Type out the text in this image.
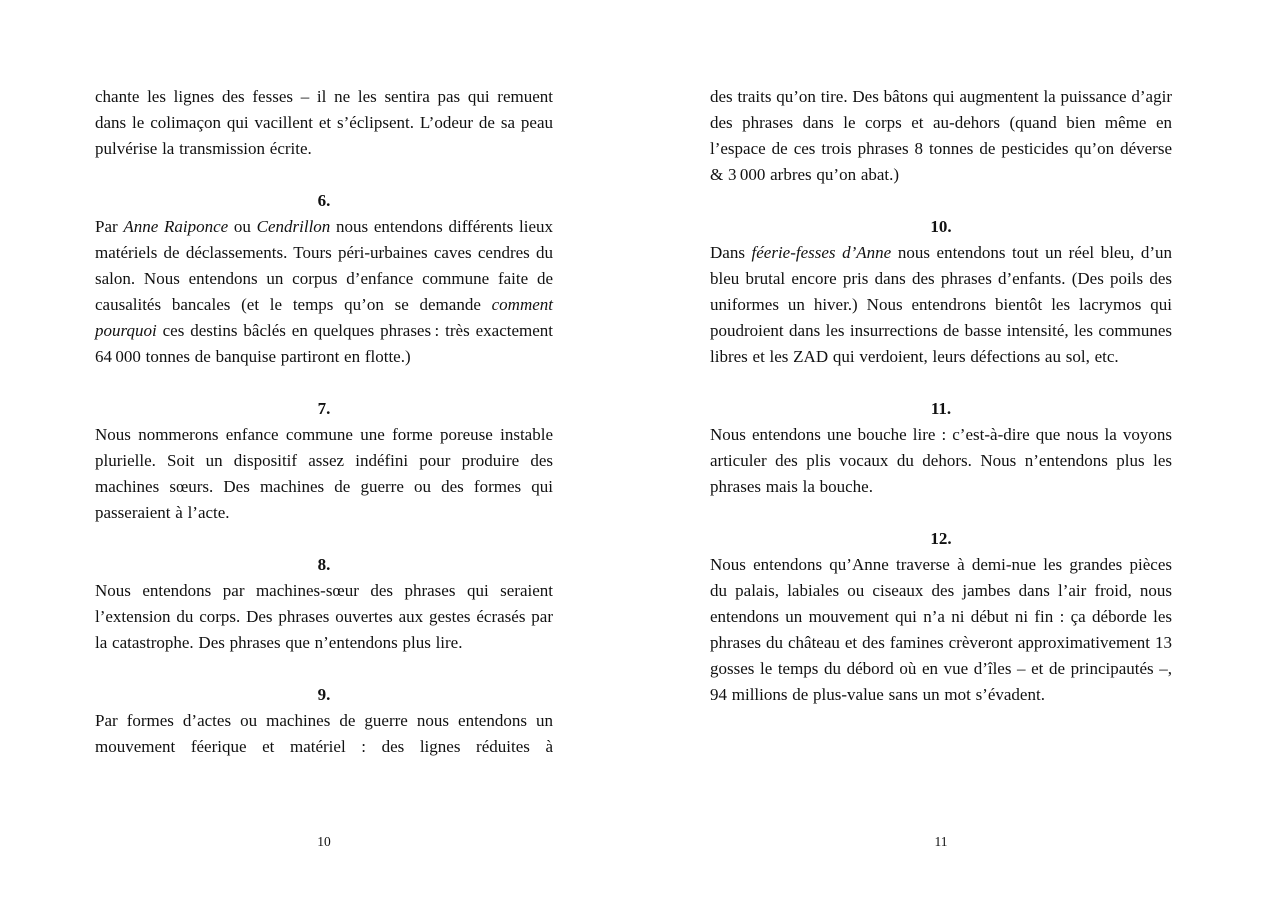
chante les lignes des fesses – il ne les sentira pas qui remuent dans le colimaçon qui vacillent et s’éclipsent. L’odeur de sa peau pulvérise la transmission écrite.

6.

Par Anne Raiponce ou Cendrillon nous entendons différents lieux matériels de déclassements. Tours péri-urbaines caves cendres du salon. Nous entendons un corpus d’enfance commune faite de causalités bancales (et le temps qu’on se demande comment pourquoi ces destins bâclés en quelques phrases : très exactement 64 000 tonnes de banquise partiront en flotte.)

7.

Nous nommerons enfance commune une forme poreuse instable plurielle. Soit un dispositif assez indéfini pour produire des machines sœurs. Des machines de guerre ou des formes qui passeraient à l’acte.

8.

Nous entendons par machines-sœur des phrases qui seraient l’extension du corps. Des phrases ouvertes aux gestes écrasés par la catastrophe. Des phrases que n’entendons plus lire.

9.

Par formes d’actes ou machines de guerre nous entendons un mouvement féerique et matériel : des lignes réduites à

10

des traits qu’on tire. Des bâtons qui augmentent la puissance d’agir des phrases dans le corps et au-dehors (quand bien même en l’espace de ces trois phrases 8 tonnes de pesticides qu’on déverse & 3 000 arbres qu’on abat.)

10.

Dans féerie-fesses d’Anne nous entendons tout un réel bleu, d’un bleu brutal encore pris dans des phrases d’enfants. (Des poils des uniformes un hiver.) Nous entendrons bientôt les lacrymos qui poudroient dans les insurrections de basse intensité, les communes libres et les ZAD qui verdoient, leurs défections au sol, etc.

11.

Nous entendons une bouche lire : c’est-à-dire que nous la voyons articuler des plis vocaux du dehors. Nous n’entendons plus les phrases mais la bouche.

12.

Nous entendons qu’Anne traverse à demi-nue les grandes pièces du palais, labiales ou ciseaux des jambes dans l’air froid, nous entendons un mouvement qui n’a ni début ni fin : ça déborde les phrases du château et des famines crèveront approximativement 13 gosses le temps du débord où en vue d’îles – et de principautés –, 94 millions de plus-value sans un mot s’évadent.

11
